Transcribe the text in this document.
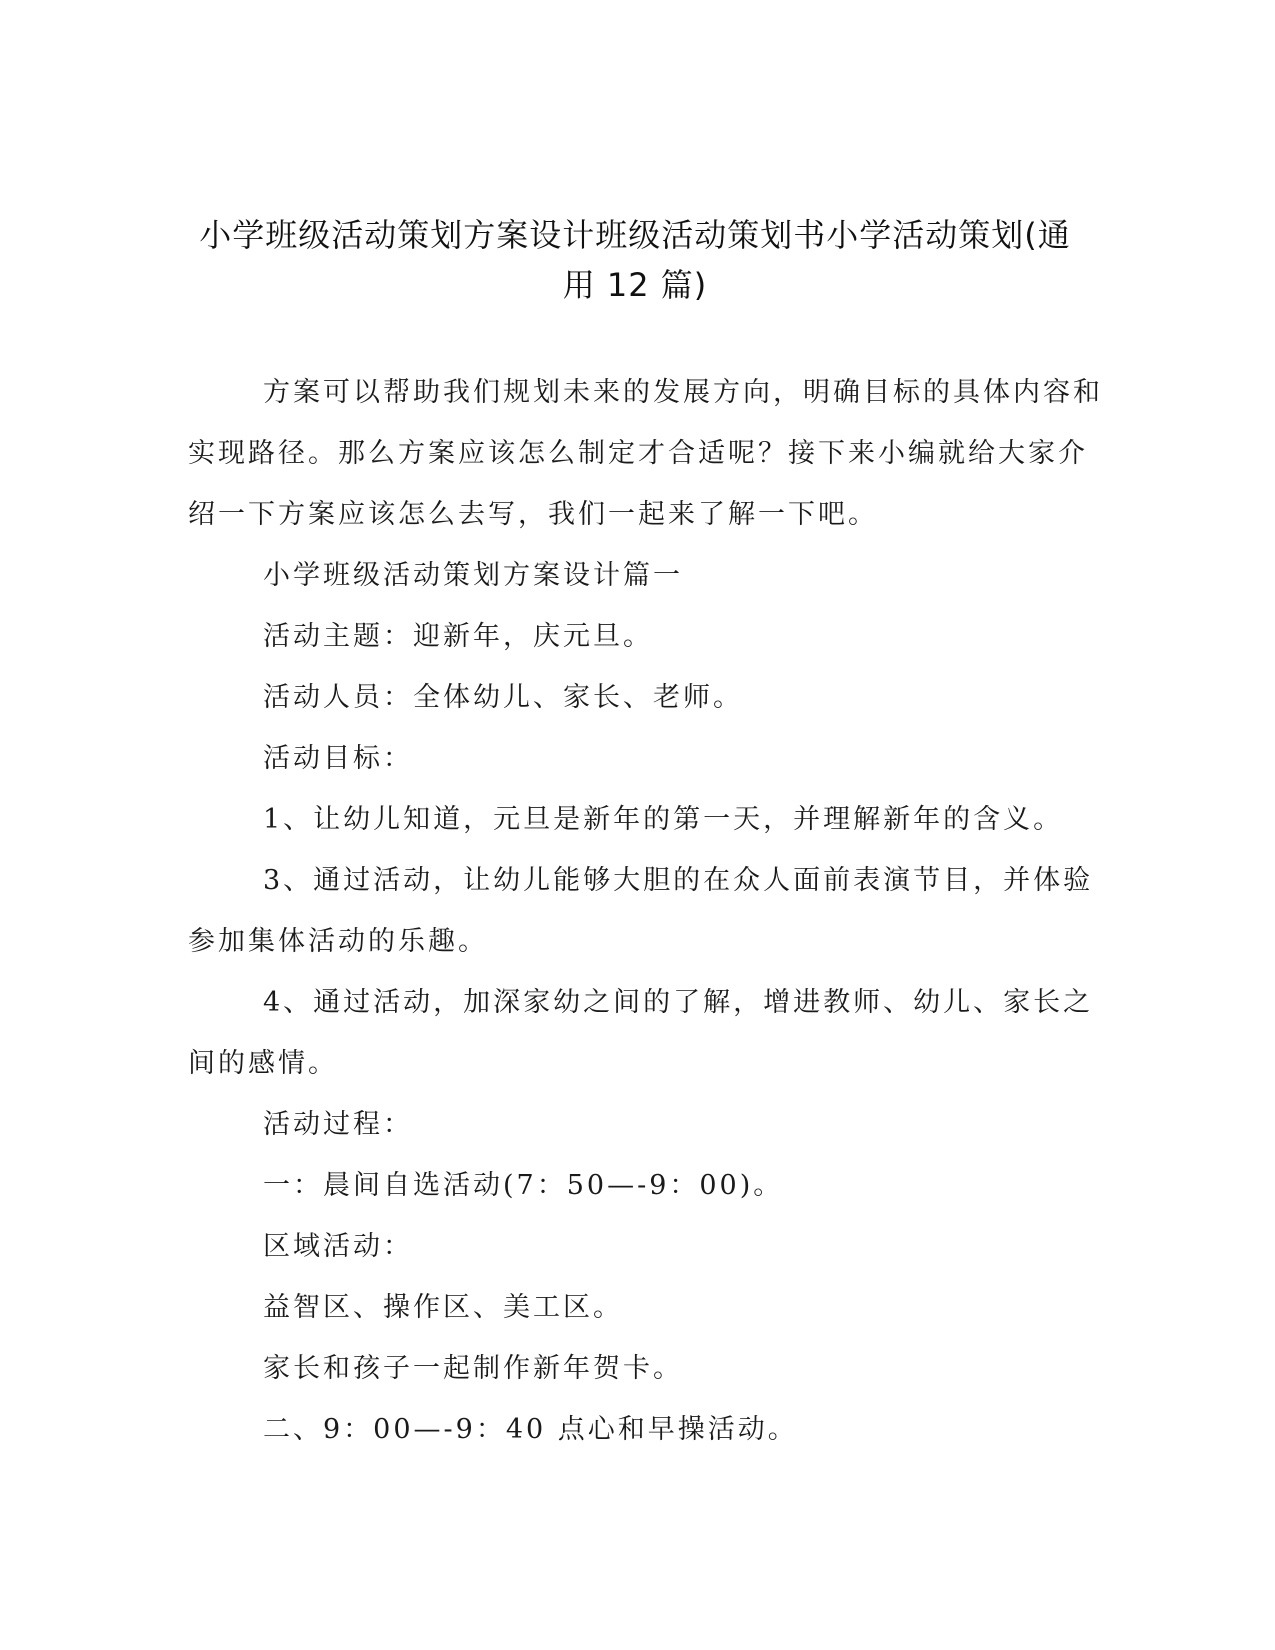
小学班级活动策划方案设计班级活动策划书小学活动策划(通
用 12 篇)

方案可以帮助我们规划未来的发展方向，明确目标的具体内容和

实现路径。那么方案应该怎么制定才合适呢？接下来小编就给大家介

绍一下方案应该怎么去写，我们一起来了解一下吧。

小学班级活动策划方案设计篇一

活动主题：迎新年，庆元旦。

活动人员：全体幼儿、家长、老师。

活动目标：

1、让幼儿知道，元旦是新年的第一天，并理解新年的含义。

3、通过活动，让幼儿能够大胆的在众人面前表演节目，并体验

参加集体活动的乐趣。

4、通过活动，加深家幼之间的了解，增进教师、幼儿、家长之

间的感情。

活动过程：

一：晨间自选活动(7：50—-9：00)。

区域活动：

益智区、操作区、美工区。

家长和孩子一起制作新年贺卡。

二、9：00—-9：40 点心和早操活动。
